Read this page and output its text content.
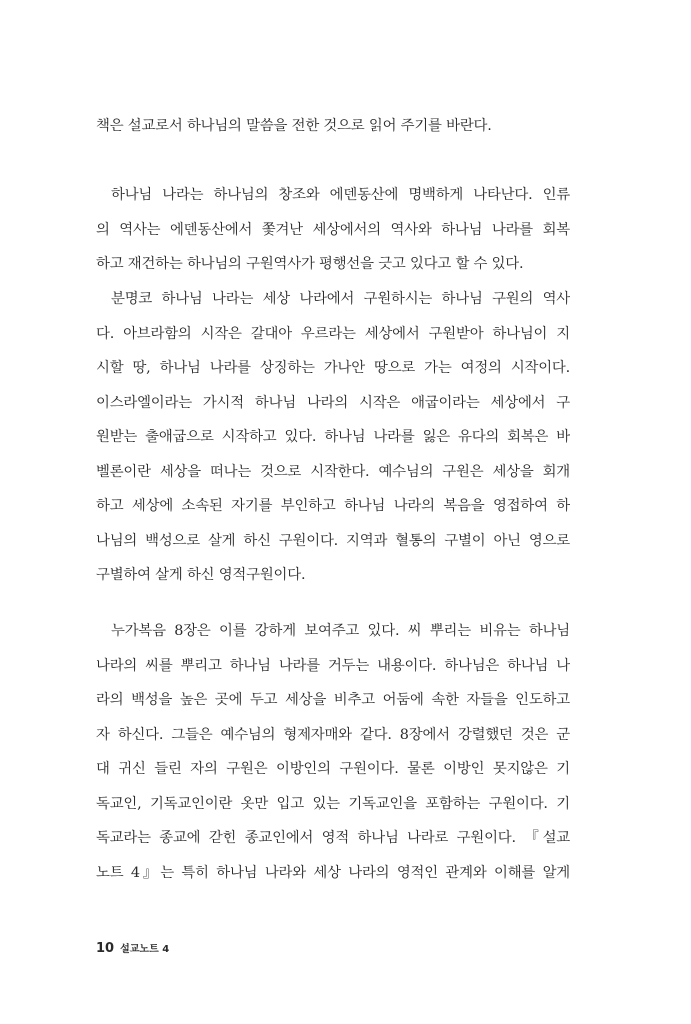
책은 설교로서 하나님의 말씀을 전한 것으로 읽어 주기를 바란다.
하나님 나라는 하나님의 창조와 에덴동산에 명백하게 나타난다. 인류
의 역사는 에덴동산에서 쫓겨난 세상에서의 역사와 하나님 나라를 회복
하고 재건하는 하나님의 구원역사가 평행선을 긋고 있다고 할 수 있다.
분명코 하나님 나라는 세상 나라에서 구원하시는 하나님 구원의 역사
다. 아브라함의 시작은 갈대아 우르라는 세상에서 구원받아 하나님이 지
시할 땅, 하나님 나라를 상징하는 가나안 땅으로 가는 여정의 시작이다.
이스라엘이라는 가시적 하나님 나라의 시작은 애굽이라는 세상에서 구
원받는 출애굽으로 시작하고 있다. 하나님 나라를 잃은 유다의 회복은 바
벨론이란 세상을 떠나는 것으로 시작한다. 예수님의 구원은 세상을 회개
하고 세상에 소속된 자기를 부인하고 하나님 나라의 복음을 영접하여 하
나님의 백성으로 살게 하신 구원이다. 지역과 혈통의 구별이 아닌 영으로
구별하여 살게 하신 영적구원이다.
누가복음 8장은 이를 강하게 보여주고 있다. 씨 뿌리는 비유는 하나님
나라의 씨를 뿌리고 하나님 나라를 거두는 내용이다. 하나님은 하나님 나
라의 백성을 높은 곳에 두고 세상을 비추고 어둠에 속한 자들을 인도하고
자 하신다. 그들은 예수님의 형제자매와 같다. 8장에서 강렬했던 것은 군
대 귀신 들린 자의 구원은 이방인의 구원이다. 물론 이방인 못지않은 기
독교인, 기독교인이란 옷만 입고 있는 기독교인을 포함하는 구원이다. 기
독교라는 종교에 갇힌 종교인에서 영적 하나님 나라로 구원이다. 『설교
노트 4』는 특히 하나님 나라와 세상 나라의 영적인 관계와 이해를 알게
10 설교노트 4
